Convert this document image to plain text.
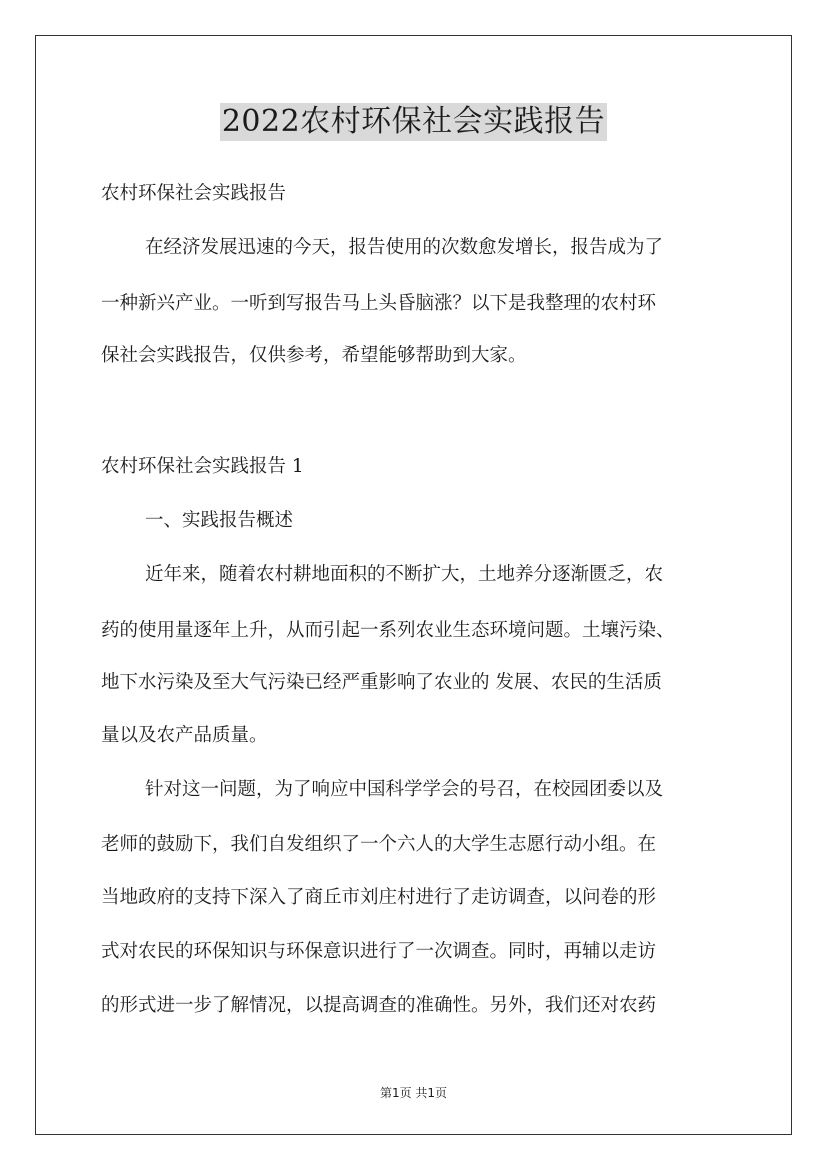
2022农村环保社会实践报告
农村环保社会实践报告
在经济发展迅速的今天，报告使用的次数愈发增长，报告成为了
一种新兴产业。一听到写报告马上头昏脑涨？以下是我整理的农村环
保社会实践报告，仅供参考，希望能够帮助到大家。
农村环保社会实践报告 1
一、实践报告概述
近年来，随着农村耕地面积的不断扩大，土地养分逐渐匮乏，农
药的使用量逐年上升，从而引起一系列农业生态环境问题。土壤污染、
地下水污染及至大气污染已经严重影响了农业的 发展、农民的生活质
量以及农产品质量。
针对这一问题，为了响应中国科学学会的号召，在校园团委以及
老师的鼓励下，我们自发组织了一个六人的大学生志愿行动小组。在
当地政府的支持下深入了商丘市刘庄村进行了走访调查，以问卷的形
式对农民的环保知识与环保意识进行了一次调查。同时，再辅以走访
的形式进一步了解情况，以提高调查的准确性。另外，我们还对农药
第1页 共1页
